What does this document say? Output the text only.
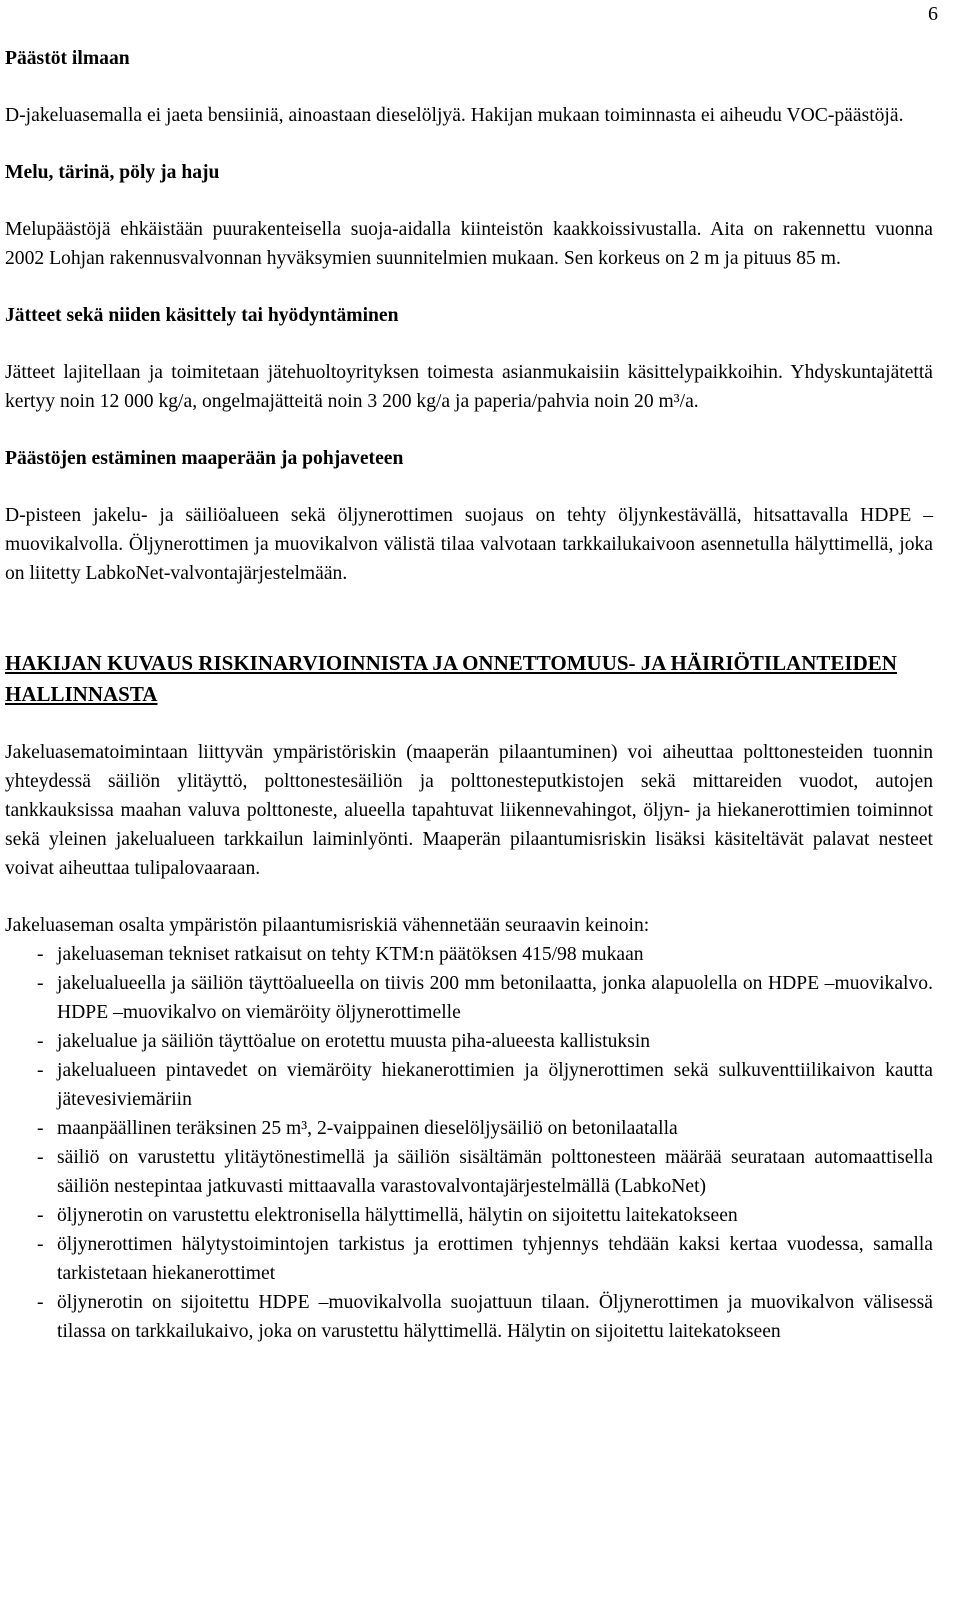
6
Päästöt ilmaan

D-jakeluasemalla ei jaeta bensiiniä, ainoastaan dieselöljyä. Hakijan mukaan toiminnasta ei aiheudu VOC-päästöjä.

Melu, tärinä, pöly ja haju

Melupäästöjä ehkäistään puurakenteisella suoja-aidalla kiinteistön kaakkoissivustalla. Aita on rakennettu vuonna 2002 Lohjan rakennusvalvonnan hyväksymien suunnitelmien mukaan. Sen korkeus on 2 m ja pituus 85 m.

Jätteet sekä niiden käsittely tai hyödyntäminen

Jätteet lajitellaan ja toimitetaan jätehuoltoyrityksen toimesta asianmukaisiin käsittelypaikkoihin. Yhdyskuntajätettä kertyy noin 12 000 kg/a, ongelmajätteitä noin 3 200 kg/a ja paperia/pahvia noin 20 m³/a.

Päästöjen estäminen maaperään ja pohjaveteen

D-pisteen jakelu- ja säiliöalueen sekä öljynerottimen suojaus on tehty öljynkestävällä, hitsattavalla HDPE –muovikalvolla. Öljynerottimen ja muovikalvon välistä tilaa valvotaan tarkkailukaivoon asennetulla hälyttimellä, joka on liitetty LabkoNet-valvontajärjestelmään.

HAKIJAN KUVAUS RISKINARVIOINNISTA JA ONNETTOMUUS- JA HÄIRIÖTILANTEIDEN HALLINNASTA

Jakeluasematoimintaan liittyvän ympäristöriskin (maaperän pilaantuminen) voi aiheuttaa polttonesteiden tuonnin yhteydessä säiliön ylitäyttö, polttonestesäiliön ja polttonesteputkistojen sekä mittareiden vuodot, autojen tankkauksissa maahan valuva polttoneste, alueella tapahtuvat liikennevahingot, öljyn- ja hiekanerottimien toiminnot sekä yleinen jakelualueen tarkkailun laiminlyönti. Maaperän pilaantumisriskin lisäksi käsiteltävät palavat nesteet voivat aiheuttaa tulipalovaaraan.

Jakeluaseman osalta ympäristön pilaantumisriskiä vähennetään seuraavin keinoin:

- jakeluaseman tekniset ratkaisut on tehty KTM:n päätöksen 415/98 mukaan
- jakelualueella ja säiliön täyttöalueella on tiivis 200 mm betonilaatta, jonka alapuolella on HDPE –muovikalvo. HDPE –muovikalvo on viemäröity öljynerottimelle
- jakelualue ja säiliön täyttöalue on erotettu muusta piha-alueesta kallistuksin
- jakelualueen pintavedet on viemäröity hiekanerottimien ja öljynerottimen sekä sulkuventtiilikaivon kautta jätevesiviemäriin
- maanpäällinen teräksinen 25 m³, 2-vaippainen dieselöljysäiliö on betonilaatalla
- säiliö on varustettu ylitäytönestimellä ja säiliön sisältämän polttonesteen määrää seurataan automaattisella säiliön nestepintaa jatkuvasti mittaavalla varastovalvontajärjestelmällä (LabkoNet)
- öljynerotin on varustettu elektronisella hälyttimellä, hälytin on sijoitettu laitekatokseen
- öljynerottimen hälytystoimintojen tarkistus ja erottimen tyhjennys tehdään kaksi kertaa vuodessa, samalla tarkistetaan hiekanerottimet
- öljynerotin on sijoitettu HDPE –muovikalvolla suojattuun tilaan. Öljynerottimen ja muovikalvon välisessä tilassa on tarkkailukaivo, joka on varustettu hälyttimellä. Hälytin on sijoitettu laitekatokseen
